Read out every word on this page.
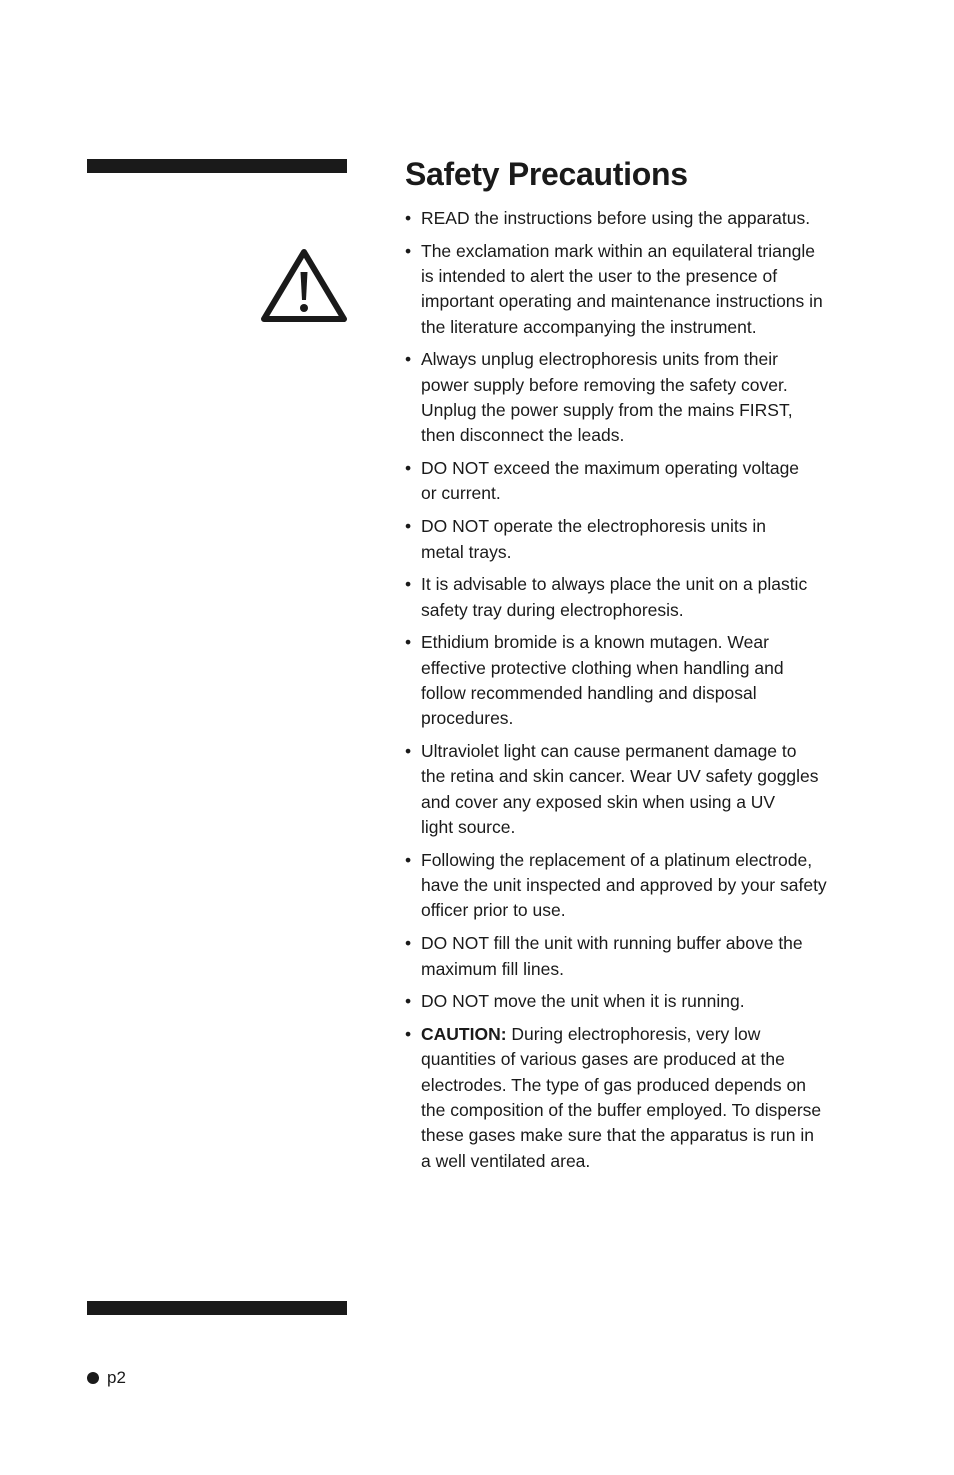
Safety Precautions
• READ the instructions before using the apparatus.
• The exclamation mark within an equilateral triangle
is intended to alert the user to the presence of
important operating and maintenance instructions in
the literature accompanying the instrument.
• Always unplug electrophoresis units from their
power supply before removing the safety cover.
Unplug the power supply from the mains FIRST,
then disconnect the leads.
• DO NOT exceed the maximum operating voltage
or current.
• DO NOT operate the electrophoresis units in
metal trays.
• It is advisable to always place the unit on a plastic
safety tray during electrophoresis.
• Ethidium bromide is a known mutagen. Wear
effective protective clothing when handling and
follow recommended handling and disposal
procedures.
• Ultraviolet light can cause permanent damage to
the retina and skin cancer. Wear UV safety goggles
and cover any exposed skin when using a UV
light source.
• Following the replacement of a platinum electrode,
have the unit inspected and approved by your safety
officer prior to use.
• DO NOT fill the unit with running buffer above the
maximum fill lines.
• DO NOT move the unit when it is running.
• CAUTION: During electrophoresis, very low
quantities of various gases are produced at the
electrodes. The type of gas produced depends on
the composition of the buffer employed. To disperse
these gases make sure that the apparatus is run in
a well ventilated area.
p2
